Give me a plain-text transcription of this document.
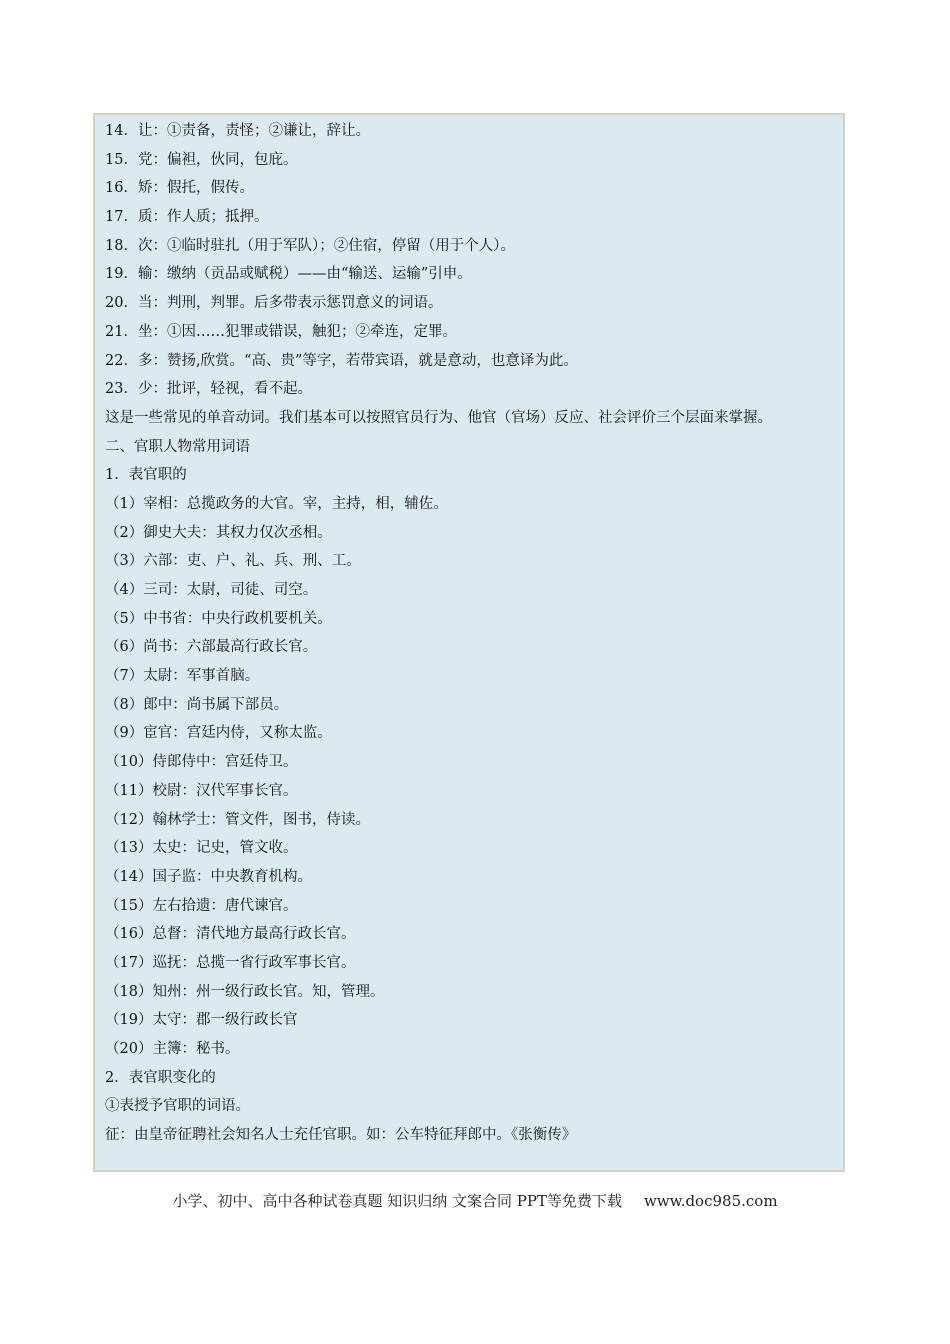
14．让：①责备，责怪；②谦让，辞让。
15．党：偏袒，伙同，包庇。
16．矫：假托，假传。
17．质：作人质；抵押。
18．次：①临时驻扎（用于军队）；②住宿，停留（用于个人）。
19．输：缴纳（贡品或赋税）——由“输送、运输”引申。
20．当：判刑，判罪。后多带表示惩罚意义的词语。
21．坐：①因……犯罪或错误，触犯；②牵连，定罪。
22．多：赞扬,欣赏。“高、贵”等字，若带宾语，就是意动，也意译为此。
23．少：批评，轻视，看不起。
这是一些常见的单音动词。我们基本可以按照官员行为、他官（官场）反应、社会评价三个层面来掌握。
二、官职人物常用词语
1．表官职的
（1）宰相：总揽政务的大官。宰，主持，相，辅佐。
（2）御史大夫：其权力仅次丞相。
（3）六部：吏、户、礼、兵、刑、工。
（4）三司：太尉，司徒、司空。
（5）中书省：中央行政机要机关。
（6）尚书：六部最高行政长官。
（7）太尉：军事首脑。
（8）郎中：尚书属下部员。
（9）宦官：宫廷内侍，又称太监。
（10）侍郎侍中：宫廷侍卫。
（11）校尉：汉代军事长官。
（12）翰林学士：管文件，图书，侍读。
（13）太史：记史，管文收。
（14）国子监：中央教育机构。
（15）左右拾遗：唐代谏官。
（16）总督：清代地方最高行政长官。
（17）巡抚：总揽一省行政军事长官。
（18）知州：州一级行政长官。知，管理。
（19）太守：郡一级行政长官
（20）主簿：秘书。
2．表官职变化的
①表授予官职的词语。
征：由皇帝征聘社会知名人士充任官职。如：公车特征拜郎中。《张衡传》
小学、初中、高中各种试卷真题 知识归纳 文案合同 PPT等免费下载 www.doc985.com
